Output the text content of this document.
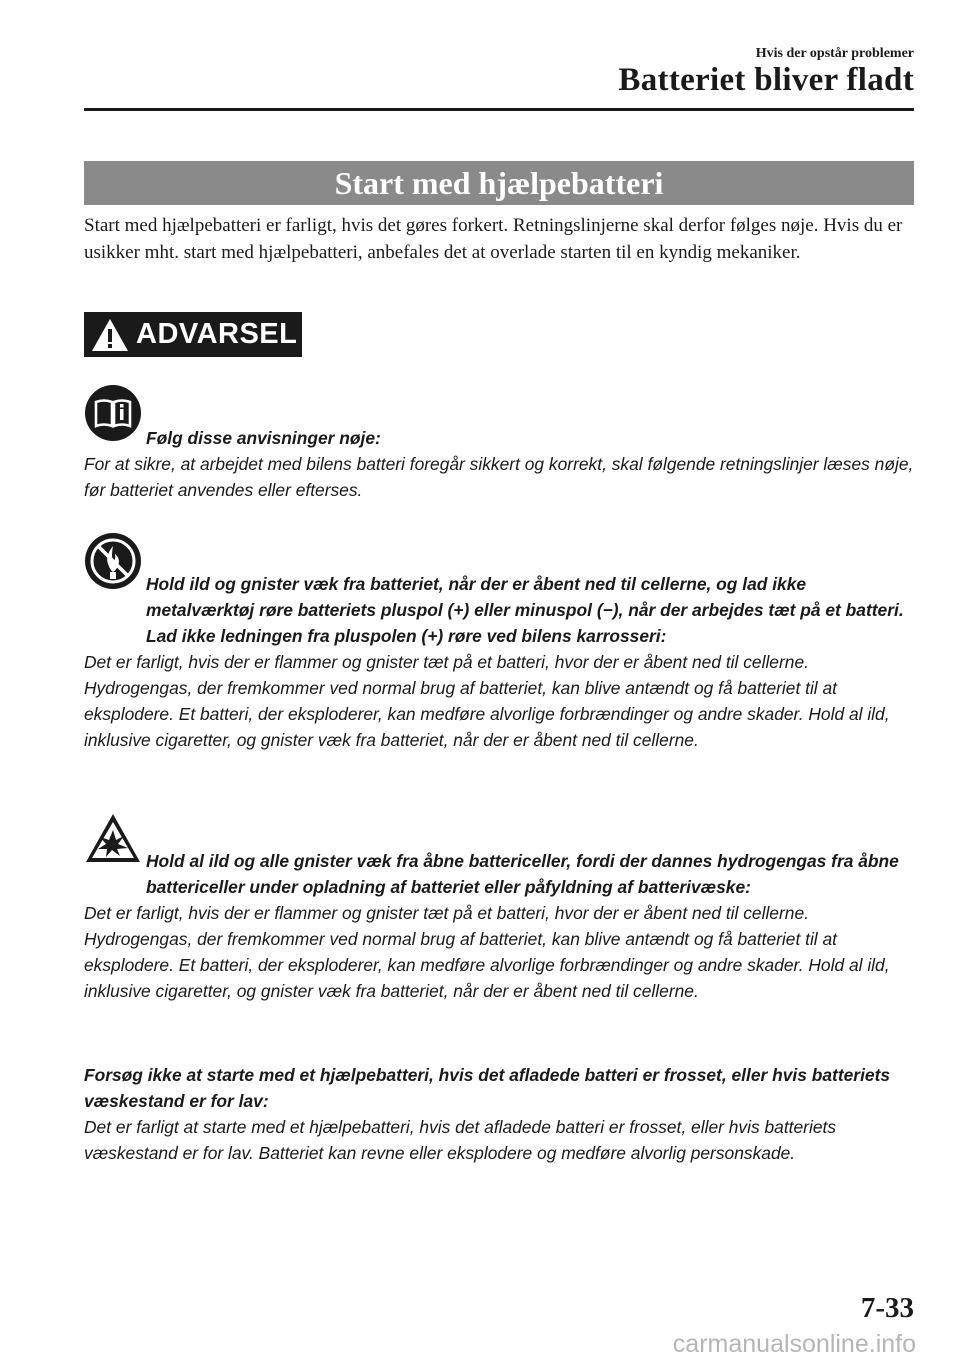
Hvis der opstår problemer
Batteriet bliver fladt
Start med hjælpebatteri
Start med hjælpebatteri er farligt, hvis det gøres forkert. Retningslinjerne skal derfor følges nøje. Hvis du er usikker mht. start med hjælpebatteri, anbefales det at overlade starten til en kyndig mekaniker.
ADVARSEL
Følg disse anvisninger nøje:
For at sikre, at arbejdet med bilens batteri foregår sikkert og korrekt, skal følgende retningslinjer læses nøje, før batteriet anvendes eller efterses.
Hold ild og gnister væk fra batteriet, når der er åbent ned til cellerne, og lad ikke metalværktøj røre batteriets pluspol (+) eller minuspol (−), når der arbejdes tæt på et batteri. Lad ikke ledningen fra pluspolen (+) røre ved bilens karrosseri:
Det er farligt, hvis der er flammer og gnister tæt på et batteri, hvor der er åbent ned til cellerne. Hydrogengas, der fremkommer ved normal brug af batteriet, kan blive antændt og få batteriet til at eksplodere. Et batteri, der eksploderer, kan medføre alvorlige forbrændinger og andre skader. Hold al ild, inklusive cigaretter, og gnister væk fra batteriet, når der er åbent ned til cellerne.
Hold al ild og alle gnister væk fra åbne battericeller, fordi der dannes hydrogengas fra åbne battericeller under opladning af batteriet eller påfyldning af batterivæske:
Det er farligt, hvis der er flammer og gnister tæt på et batteri, hvor der er åbent ned til cellerne. Hydrogengas, der fremkommer ved normal brug af batteriet, kan blive antændt og få batteriet til at eksplodere. Et batteri, der eksploderer, kan medføre alvorlige forbrændinger og andre skader. Hold al ild, inklusive cigaretter, og gnister væk fra batteriet, når der er åbent ned til cellerne.
Forsøg ikke at starte med et hjælpebatteri, hvis det afladede batteri er frosset, eller hvis batteriets væskestand er for lav:
Det er farligt at starte med et hjælpebatteri, hvis det afladede batteri er frosset, eller hvis batteriets væskestand er for lav. Batteriet kan revne eller eksplodere og medføre alvorlig personskade.
7-33
carmanualsonline.info
